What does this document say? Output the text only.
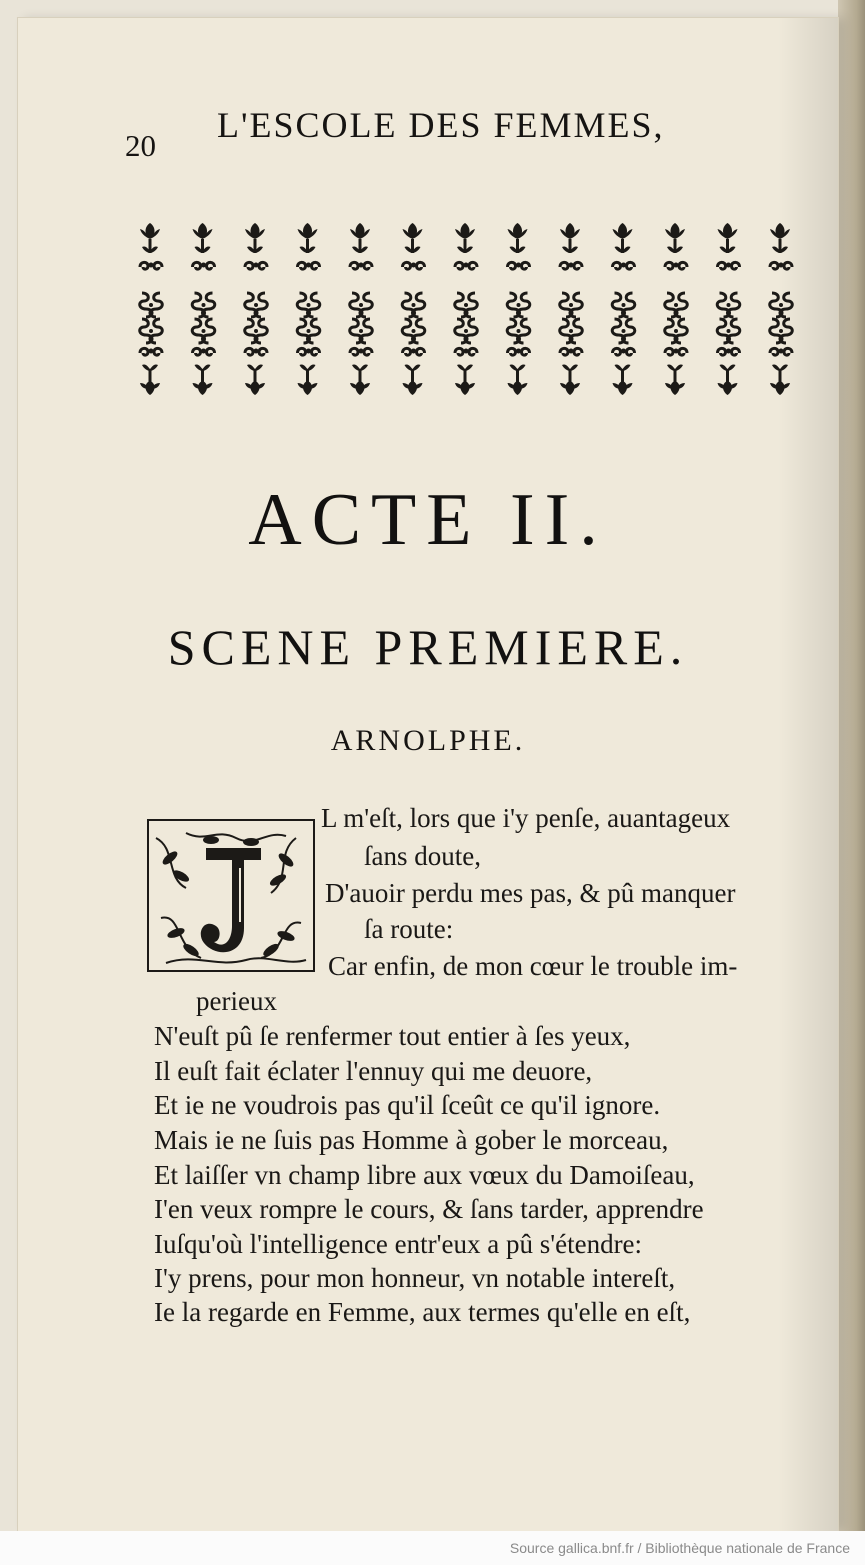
20
L'ESCOLE DES FEMMES,
ACTE II.
SCENE PREMIERE.
ARNOLPHE.
L m'eſt, lors que i'y penſe, auantageux
ſans doute,
D'auoir perdu mes pas, & pû manquer
ſa route:
Car enfin, de mon cœur le trouble im-
perieux
N'euſt pû ſe renfermer tout entier à ſes yeux,
Il euſt fait éclater l'ennuy qui me deuore,
Et ie ne voudrois pas qu'il ſceût ce qu'il ignore.
Mais ie ne ſuis pas Homme à gober le morceau,
Et laiſſer vn champ libre aux vœux du Damoiſeau,
I'en veux rompre le cours, & ſans tarder, apprendre
Iuſqu'où l'intelligence entr'eux a pû s'étendre:
I'y prens, pour mon honneur, vn notable intereſt,
Ie la regarde en Femme, aux termes qu'elle en eſt,
Source gallica.bnf.fr / Bibliothèque nationale de France
